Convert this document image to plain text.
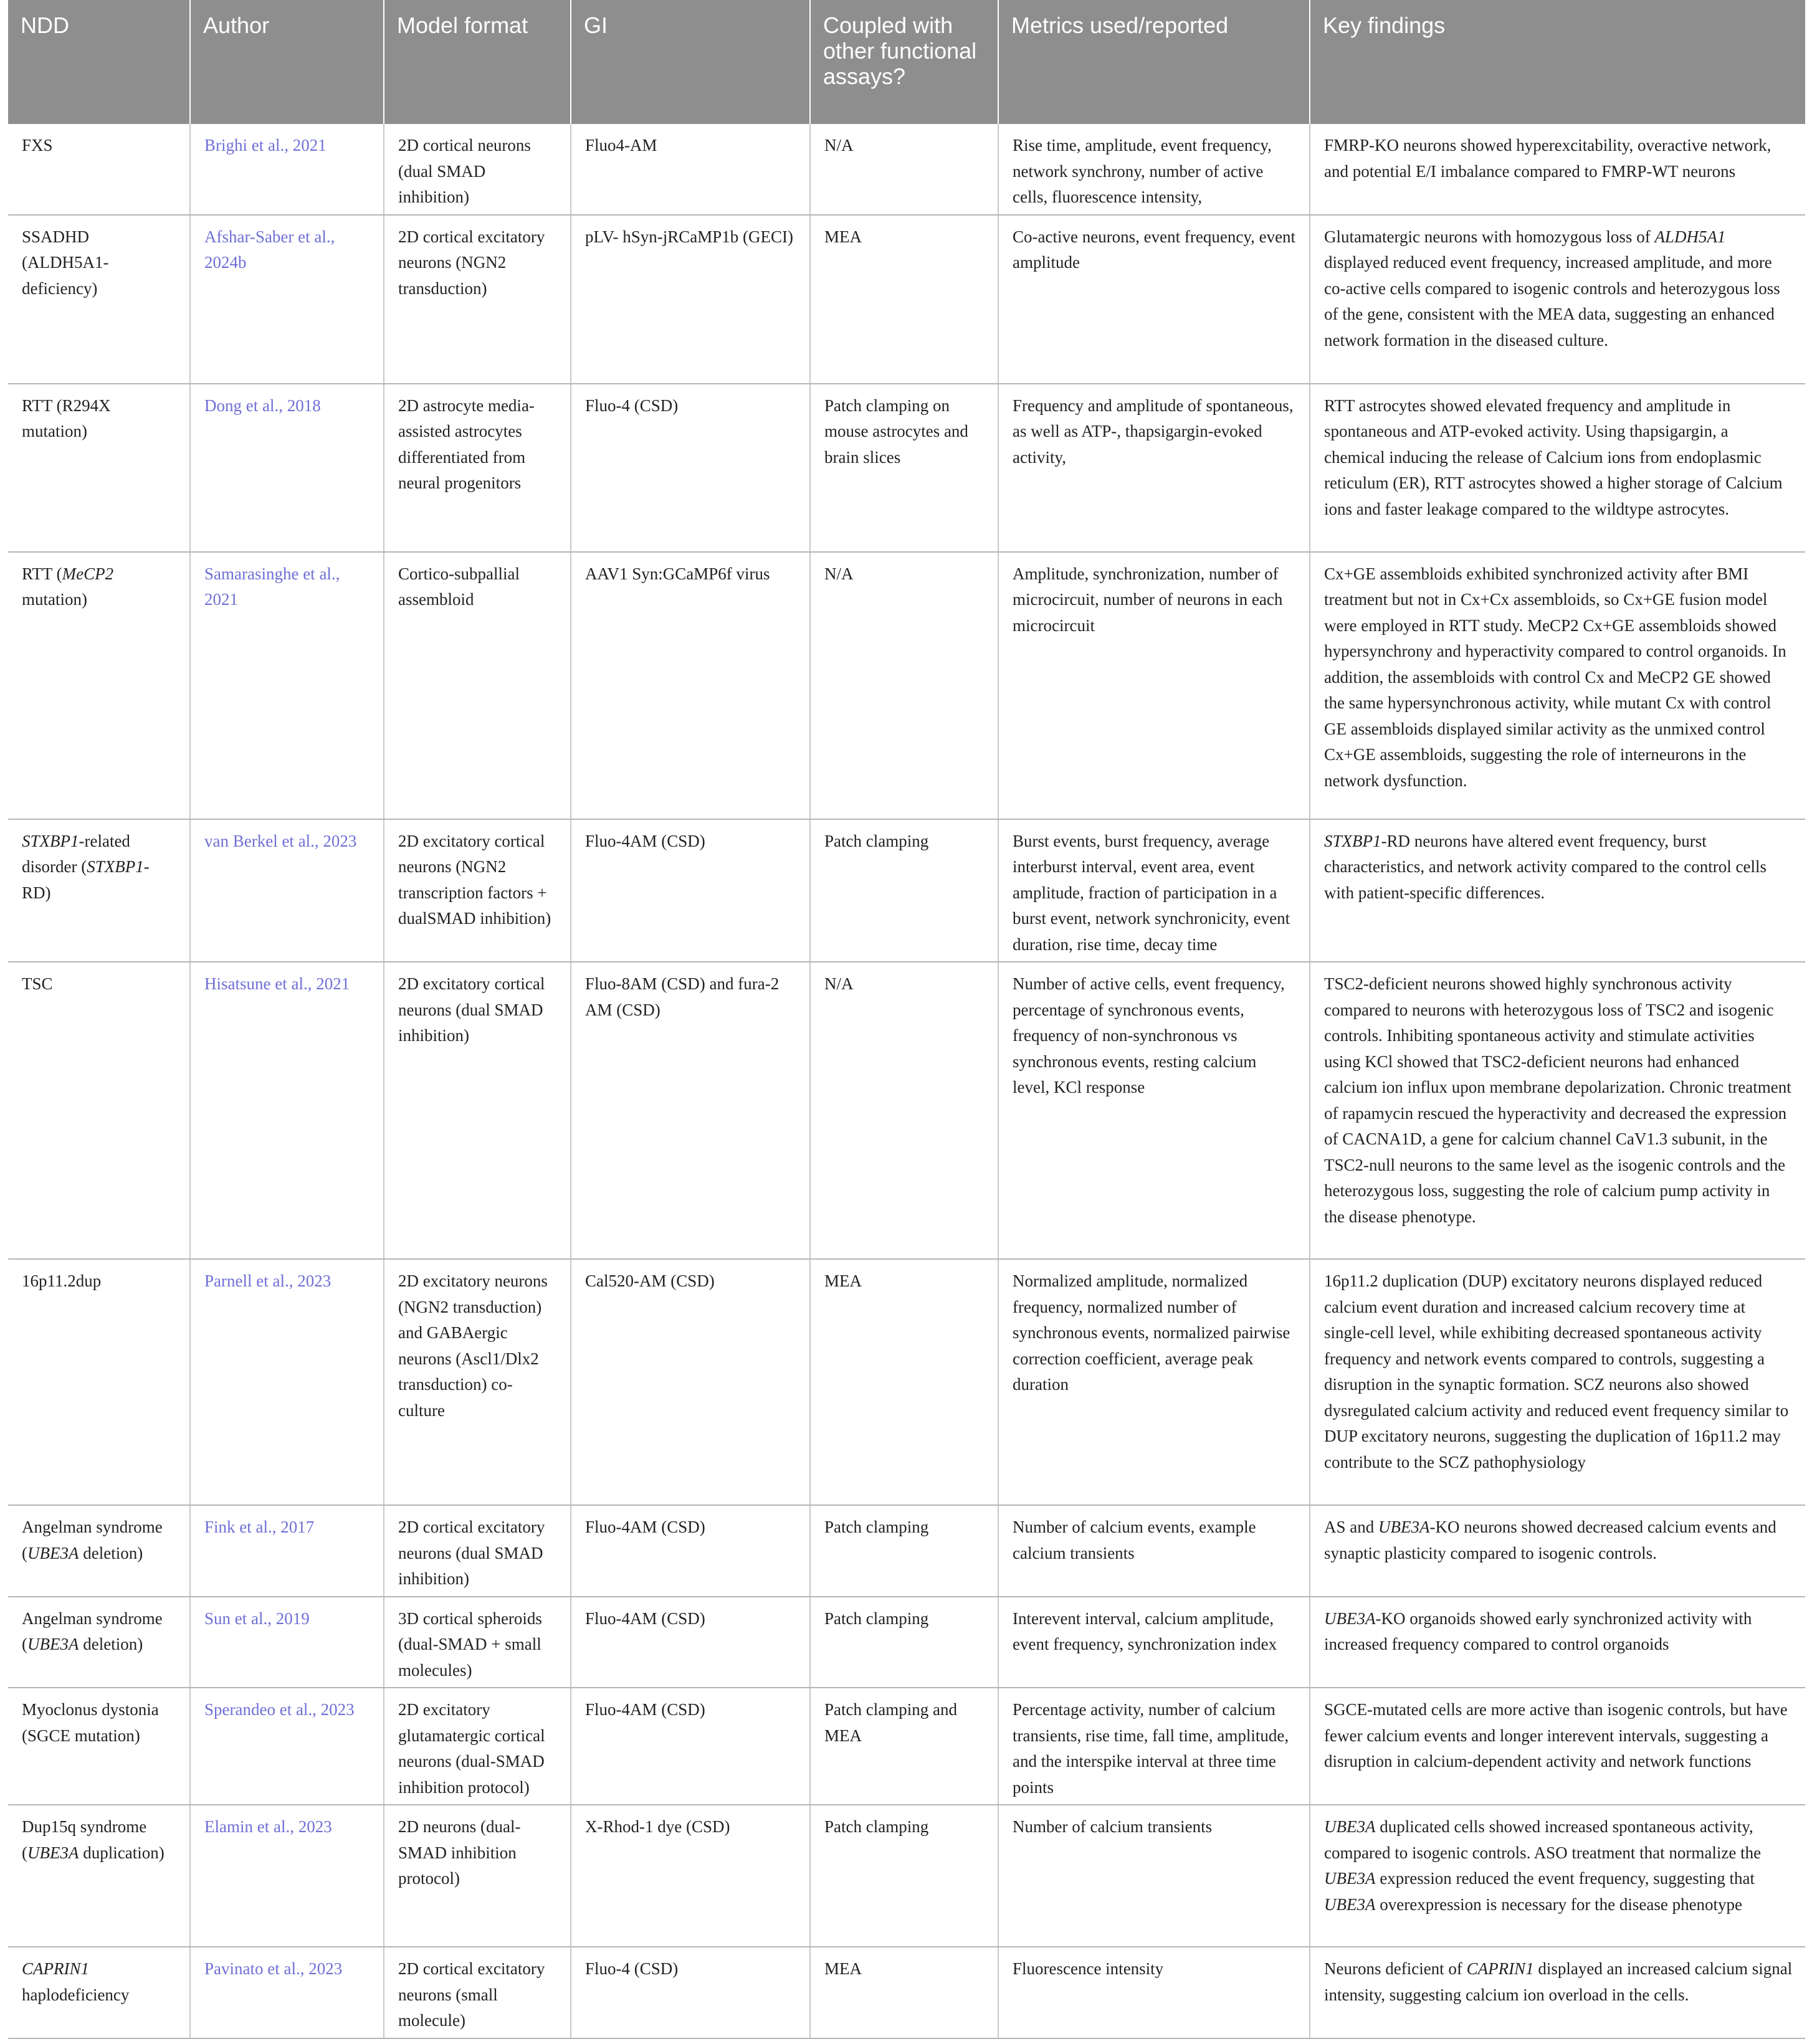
NDD	Author	Model format	GI	Coupled with other functional assays?	Metrics used/reported	Key findings
FXS	Brighi et al., 2021	2D cortical neurons (dual SMAD inhibition)	Fluo4-AM	N/A	Rise time, amplitude, event frequency, network synchrony, number of active cells, fluorescence intensity,	FMRP-KO neurons showed hyperexcitability, overactive network, and potential E/I imbalance compared to FMRP-WT neurons
SSADHD (ALDH5A1-deficiency)	Afshar-Saber et al., 2024b	2D cortical excitatory neurons (NGN2 transduction)	pLV- hSyn-jRCaMP1b (GECI)	MEA	Co-active neurons, event frequency, event amplitude	Glutamatergic neurons with homozygous loss of ALDH5A1 displayed reduced event frequency, increased amplitude, and more co-active cells compared to isogenic controls and heterozygous loss of the gene, consistent with the MEA data, suggesting an enhanced network formation in the diseased culture.
RTT (R294X mutation)	Dong et al., 2018	2D astrocyte media-assisted astrocytes differentiated from neural progenitors	Fluo-4 (CSD)	Patch clamping on mouse astrocytes and brain slices	Frequency and amplitude of spontaneous, as well as ATP-, thapsigargin-evoked activity,	RTT astrocytes showed elevated frequency and amplitude in spontaneous and ATP-evoked activity. Using thapsigargin, a chemical inducing the release of Calcium ions from endoplasmic reticulum (ER), RTT astrocytes showed a higher storage of Calcium ions and faster leakage compared to the wildtype astrocytes.
RTT (MeCP2 mutation)	Samarasinghe et al., 2021	Cortico-subpallial assembloid	AAV1 Syn:GCaMP6f virus	N/A	Amplitude, synchronization, number of microcircuit, number of neurons in each microcircuit	Cx+GE assembloids exhibited synchronized activity after BMI treatment but not in Cx+Cx assembloids, so Cx+GE fusion model were employed in RTT study. MeCP2 Cx+GE assembloids showed hypersynchrony and hyperactivity compared to control organoids. In addition, the assembloids with control Cx and MeCP2 GE showed the same hypersynchronous activity, while mutant Cx with control GE assembloids displayed similar activity as the unmixed control Cx+GE assembloids, suggesting the role of interneurons in the network dysfunction.
STXBP1-related disorder (STXBP1-RD)	van Berkel et al., 2023	2D excitatory cortical neurons (NGN2 transcription factors + dualSMAD inhibition)	Fluo-4AM (CSD)	Patch clamping	Burst events, burst frequency, average interburst interval, event area, event amplitude, fraction of participation in a burst event, network synchronicity, event duration, rise time, decay time	STXBP1-RD neurons have altered event frequency, burst characteristics, and network activity compared to the control cells with patient-specific differences.
TSC	Hisatsune et al., 2021	2D excitatory cortical neurons (dual SMAD inhibition)	Fluo-8AM (CSD) and fura-2 AM (CSD)	N/A	Number of active cells, event frequency, percentage of synchronous events, frequency of non-synchronous vs synchronous events, resting calcium level, KCl response	TSC2-deficient neurons showed highly synchronous activity compared to neurons with heterozygous loss of TSC2 and isogenic controls. Inhibiting spontaneous activity and stimulate activities using KCl showed that TSC2-deficient neurons had enhanced calcium ion influx upon membrane depolarization. Chronic treatment of rapamycin rescued the hyperactivity and decreased the expression of CACNA1D, a gene for calcium channel CaV1.3 subunit, in the TSC2-null neurons to the same level as the isogenic controls and the heterozygous loss, suggesting the role of calcium pump activity in the disease phenotype.
16p11.2dup	Parnell et al., 2023	2D excitatory neurons (NGN2 transduction) and GABAergic neurons (Ascl1/Dlx2 transduction) co-culture	Cal520-AM (CSD)	MEA	Normalized amplitude, normalized frequency, normalized number of synchronous events, normalized pairwise correction coefficient, average peak duration	16p11.2 duplication (DUP) excitatory neurons displayed reduced calcium event duration and increased calcium recovery time at single-cell level, while exhibiting decreased spontaneous activity frequency and network events compared to controls, suggesting a disruption in the synaptic formation. SCZ neurons also showed dysregulated calcium activity and reduced event frequency similar to DUP excitatory neurons, suggesting the duplication of 16p11.2 may contribute to the SCZ pathophysiology
Angelman syndrome (UBE3A deletion)	Fink et al., 2017	2D cortical excitatory neurons (dual SMAD inhibition)	Fluo-4AM (CSD)	Patch clamping	Number of calcium events, example calcium transients	AS and UBE3A-KO neurons showed decreased calcium events and synaptic plasticity compared to isogenic controls.
Angelman syndrome (UBE3A deletion)	Sun et al., 2019	3D cortical spheroids (dual-SMAD + small molecules)	Fluo-4AM (CSD)	Patch clamping	Interevent interval, calcium amplitude, event frequency, synchronization index	UBE3A-KO organoids showed early synchronized activity with increased frequency compared to control organoids
Myoclonus dystonia (SGCE mutation)	Sperandeo et al., 2023	2D excitatory glutamatergic cortical neurons (dual-SMAD inhibition protocol)	Fluo-4AM (CSD)	Patch clamping and MEA	Percentage activity, number of calcium transients, rise time, fall time, amplitude, and the interspike interval at three time points	SGCE-mutated cells are more active than isogenic controls, but have fewer calcium events and longer interevent intervals, suggesting a disruption in calcium-dependent activity and network functions
Dup15q syndrome (UBE3A duplication)	Elamin et al., 2023	2D neurons (dual-SMAD inhibition protocol)	X-Rhod-1 dye (CSD)	Patch clamping	Number of calcium transients	UBE3A duplicated cells showed increased spontaneous activity, compared to isogenic controls. ASO treatment that normalize the UBE3A expression reduced the event frequency, suggesting that UBE3A overexpression is necessary for the disease phenotype
CAPRIN1 haplodeficiency	Pavinato et al., 2023	2D cortical excitatory neurons (small molecule)	Fluo-4 (CSD)	MEA	Fluorescence intensity	Neurons deficient of CAPRIN1 displayed an increased calcium signal intensity, suggesting calcium ion overload in the cells.
